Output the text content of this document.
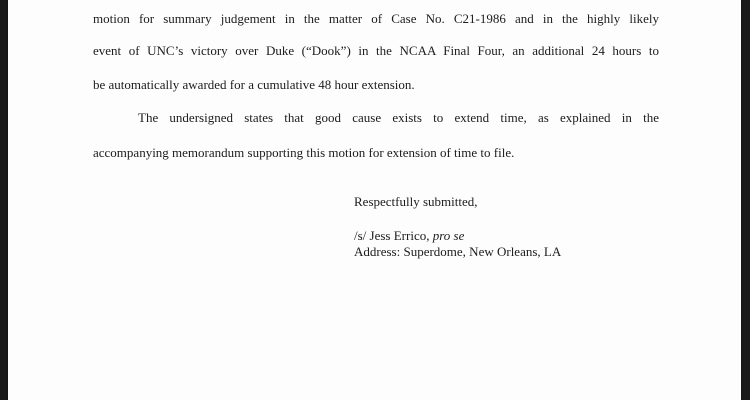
motion for summary judgement in the matter of Case No. C21-1986 and in the highly likely
event of UNC’s victory over Duke (“Dook”) in the NCAA Final Four, an additional 24 hours to
be automatically awarded for a cumulative 48 hour extension.
The undersigned states that good cause exists to extend time, as explained in the
accompanying memorandum supporting this motion for extension of time to file.
Respectfully submitted,
/s/ Jess Errico, pro se
Address: Superdome, New Orleans, LA
